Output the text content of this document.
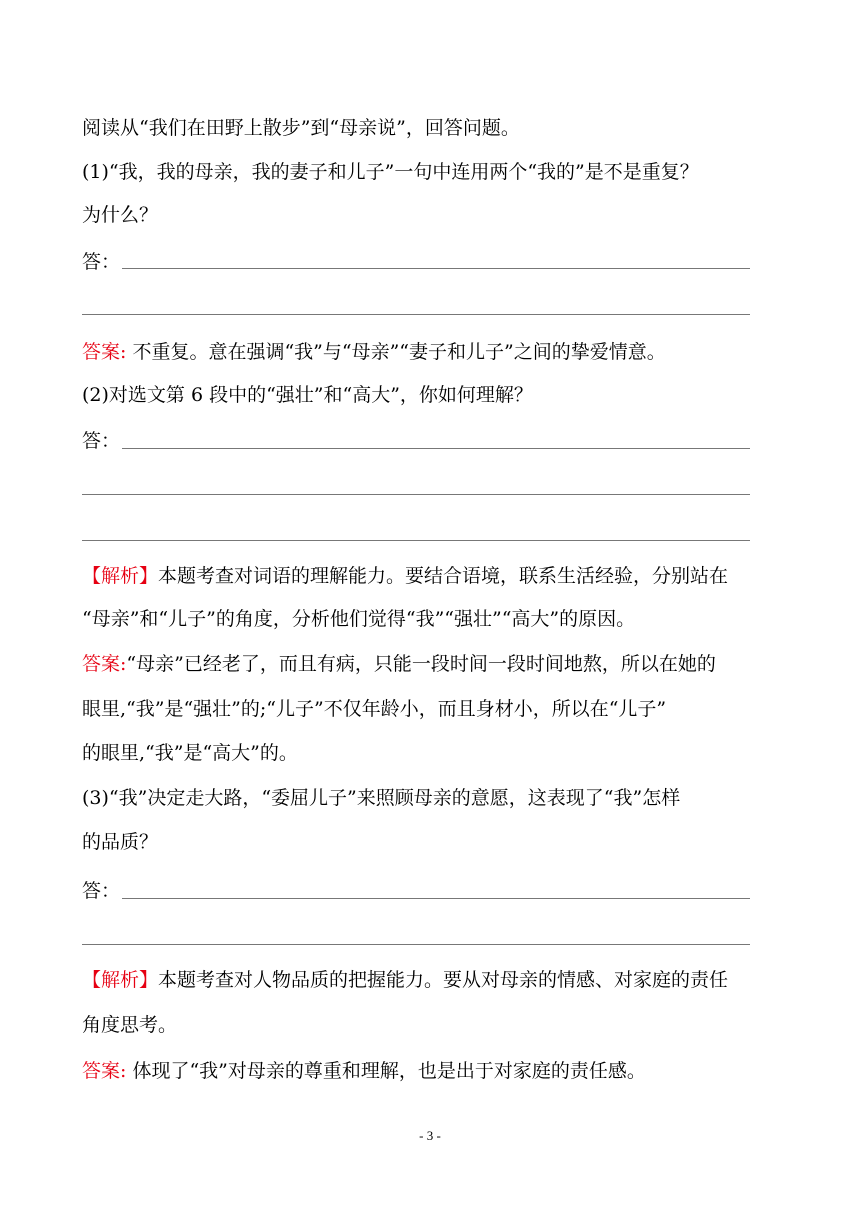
阅读从“我们在田野上散步”到“母亲说”，回答问题。
(1)“我，我的母亲，我的妻子和儿子”一句中连用两个“我的”是不是重复？
为什么？
答：
答案: 不重复。意在强调“我”与“母亲”“妻子和儿子”之间的挚爱情意。
(2)对选文第 6 段中的“强壮”和“高大”，你如何理解？
答：
【解析】本题考查对词语的理解能力。要结合语境，联系生活经验，分别站在
“母亲”和“儿子”的角度，分析他们觉得“我”“强壮”“高大”的原因。
答案:“母亲”已经老了，而且有病，只能一段时间一段时间地熬，所以在她的
眼里,“我”是“强壮”的;“儿子”不仅年龄小，而且身材小，所以在“儿子”
的眼里,“我”是“高大”的。
(3)“我”决定走大路，“委屈儿子”来照顾母亲的意愿，这表现了“我”怎样
的品质？
答：
【解析】本题考查对人物品质的把握能力。要从对母亲的情感、对家庭的责任
角度思考。
答案: 体现了“我”对母亲的尊重和理解，也是出于对家庭的责任感。
- 3 -
